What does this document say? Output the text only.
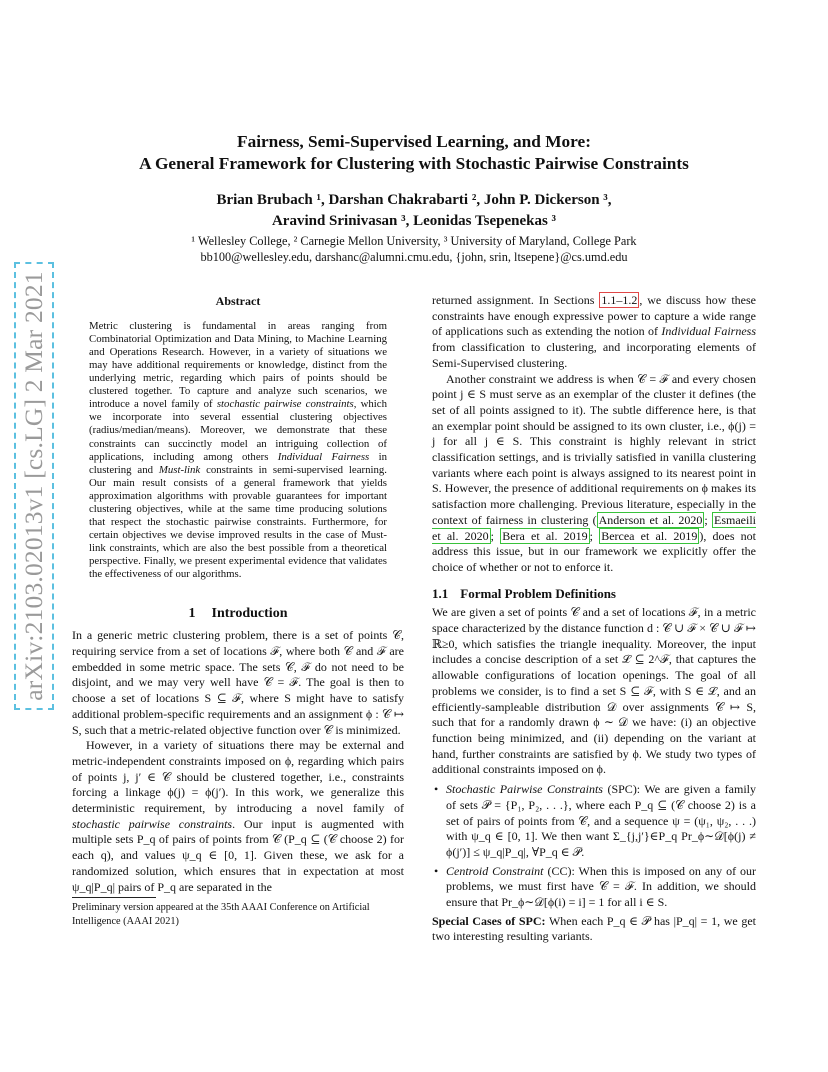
arXiv:2103.02013v1 [cs.LG] 2 Mar 2021
Fairness, Semi-Supervised Learning, and More:
A General Framework for Clustering with Stochastic Pairwise Constraints
Brian Brubach ¹, Darshan Chakrabarti ², John P. Dickerson ³,
Aravind Srinivasan ³, Leonidas Tsepenekas ³
¹ Wellesley College, ² Carnegie Mellon University, ³ University of Maryland, College Park
bb100@wellesley.edu, darshanc@alumni.cmu.edu, {john, srin, ltsepene}@cs.umd.edu
Abstract

Metric clustering is fundamental in areas ranging from Combinatorial Optimization and Data Mining, to Machine Learning and Operations Research. However, in a variety of situations we may have additional requirements or knowledge, distinct from the underlying metric, regarding which pairs of points should be clustered together. To capture and analyze such scenarios, we introduce a novel family of stochastic pairwise constraints, which we incorporate into several essential clustering objectives (radius/median/means). Moreover, we demonstrate that these constraints can succinctly model an intriguing collection of applications, including among others Individual Fairness in clustering and Must-link constraints in semi-supervised learning. Our main result consists of a general framework that yields approximation algorithms with provable guarantees for important clustering objectives, while at the same time producing solutions that respect the stochastic pairwise constraints. Furthermore, for certain objectives we devise improved results in the case of Must-link constraints, which are also the best possible from a theoretical perspective. Finally, we present experimental evidence that validates the effectiveness of our algorithms.

1 Introduction

In a generic metric clustering problem, there is a set of points 𝒞, requiring service from a set of locations ℱ, where both 𝒞 and ℱ are embedded in some metric space. The sets 𝒞, ℱ do not need to be disjoint, and we may very well have 𝒞 = ℱ. The goal is then to choose a set of locations S ⊆ ℱ, where S might have to satisfy additional problem-specific requirements and an assignment ϕ : 𝒞 ↦ S, such that a metric-related objective function over 𝒞 is minimized.

However, in a variety of situations there may be external and metric-independent constraints imposed on ϕ, regarding which pairs of points j, j′ ∈ 𝒞 should be clustered together, i.e., constraints forcing a linkage ϕ(j) = ϕ(j′). In this work, we generalize this deterministic requirement, by introducing a novel family of stochastic pairwise constraints. Our input is augmented with multiple sets P_q of pairs of points from 𝒞 (P_q ⊆ (𝒞 choose 2) for each q), and values ψ_q ∈ [0, 1]. Given these, we ask for a randomized solution, which ensures that in expectation at most ψ_q|P_q| pairs of P_q are separated in the

Preliminary version appeared at the 35th AAAI Conference on Artificial Intelligence (AAAI 2021)

returned assignment. In Sections 1.1–1.2 , we discuss how these constraints have enough expressive power to capture a wide range of applications such as extending the notion of Individual Fairness from classification to clustering, and incorporating elements of Semi-Supervised clustering.

Another constraint we address is when 𝒞 = ℱ and every chosen point j ∈ S must serve as an exemplar of the cluster it defines (the set of all points assigned to it). The subtle difference here, is that an exemplar point should be assigned to its own cluster, i.e., ϕ(j) = j for all j ∈ S. This constraint is highly relevant in strict classification settings, and is trivially satisfied in vanilla clustering variants where each point is always assigned to its nearest point in S. However, the presence of additional requirements on ϕ makes its satisfaction more challenging. Previous literature, especially in the context of fairness in clustering ( Anderson et al. 2020 ; Esmaeili et al. 2020 ; Bera et al. 2019 ; Bercea et al. 2019 ), does not address this issue, but in our framework we explicitly offer the choice of whether or not to enforce it.

1.1 Formal Problem Definitions

We are given a set of points 𝒞 and a set of locations ℱ, in a metric space characterized by the distance function d : 𝒞 ∪ ℱ × 𝒞 ∪ ℱ ↦ ℝ≥0, which satisfies the triangle inequality. Moreover, the input includes a concise description of a set ℒ ⊆ 2^ℱ, that captures the allowable configurations of location openings. The goal of all problems we consider, is to find a set S ⊆ ℱ, with S ∈ ℒ, and an efficiently-sampleable distribution 𝒟 over assignments 𝒞 ↦ S, such that for a randomly drawn ϕ ∼ 𝒟 we have: (i) an objective function being minimized, and (ii) depending on the variant at hand, further constraints are satisfied by ϕ. We study two types of additional constraints imposed on ϕ.

• Stochastic Pairwise Constraints (SPC): We are given a family of sets 𝒫 = {P₁, P₂, . . .}, where each P_q ⊆ (𝒞 choose 2) is a set of pairs of points from 𝒞, and a sequence ψ = (ψ₁, ψ₂, . . .) with ψ_q ∈ [0, 1]. We then want Σ_{j,j′}∈P_q Pr_ϕ∼𝒟[ϕ(j) ≠ ϕ(j′)] ≤ ψ_q|P_q|, ∀P_q ∈ 𝒫.
• Centroid Constraint (CC): When this is imposed on any of our problems, we must first have 𝒞 = ℱ. In addition, we should ensure that Pr_ϕ∼𝒟[ϕ(i) = i] = 1 for all i ∈ S.

Special Cases of SPC: When each P_q ∈ 𝒫 has |P_q| = 1, we get two interesting resulting variants.
